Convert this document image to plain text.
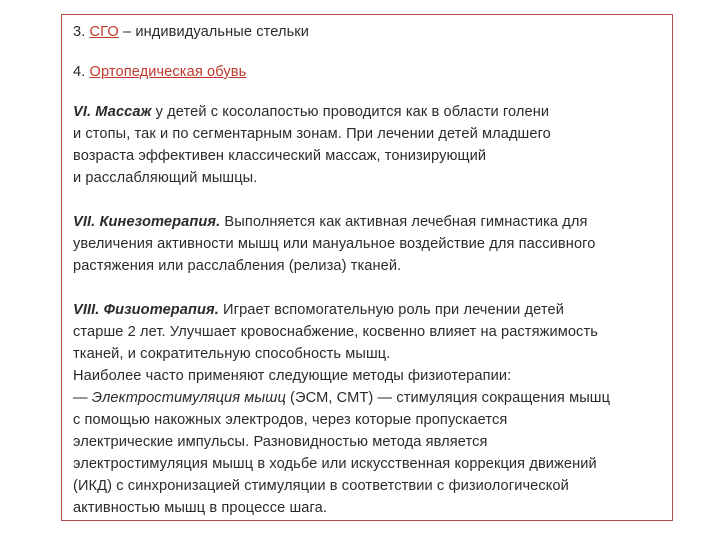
3. СГО – индивидуальные стельки

4. Ортопедическая обувь

VI. Массаж у детей с косолапостью проводится как в области голени
и стопы, так и по сегментарным зонам. При лечении детей младшего
возраста эффективен классический массаж, тонизирующий
и расслабляющий мышцы.

VII. Кинезотерапия. Выполняется как активная лечебная гимнастика для
увеличения активности мышц или мануальное воздействие для пассивного
растяжения или расслабления (релиза) тканей.

VIII. Физиотерапия. Играет вспомогательную роль при лечении детей
старше 2 лет. Улучшает кровоснабжение, косвенно влияет на растяжимость
тканей, и сократительную способность мышц.
Наиболее часто применяют следующие методы физиотерапии:
— Электростимуляция мышц (ЭСМ, СМТ) — стимуляция сокращения мышц
с помощью накожных электродов, через которые пропускается
электрические импульсы. Разновидностью метода является
электростимуляция мышц в ходьбе или искусственная коррекция движений
(ИКД) с синхронизацией стимуляции в соответствии с физиологической
активностью мышц в процессе шага.
